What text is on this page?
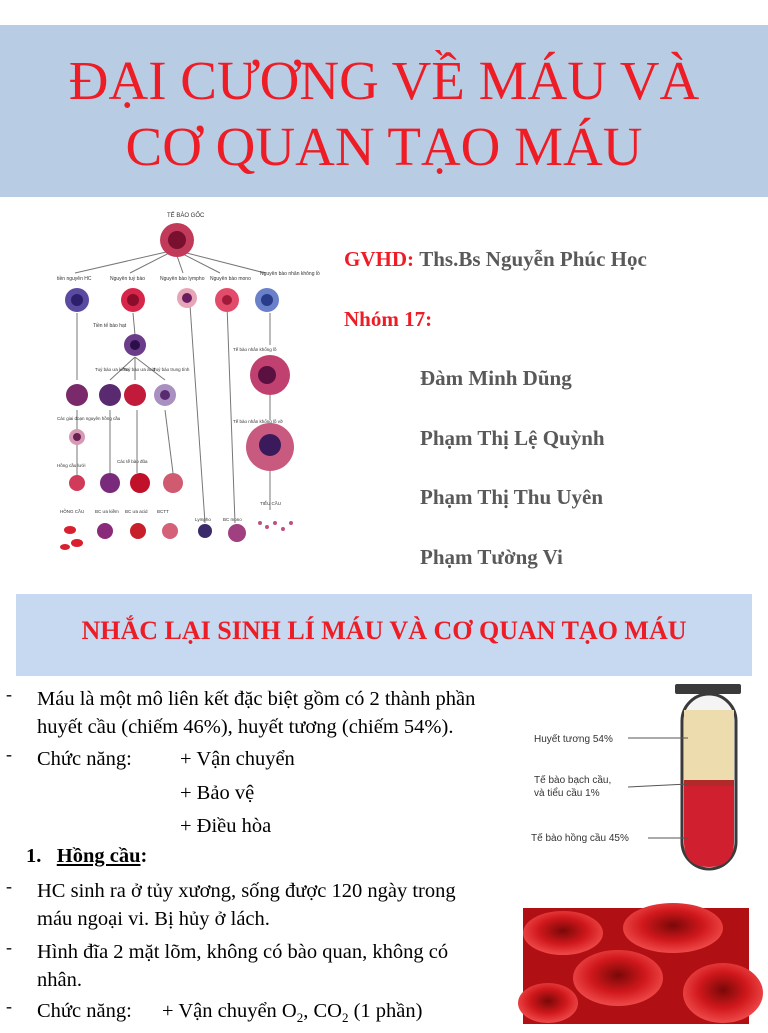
ĐẠI CƯƠNG VỀ MÁU VÀ
CƠ QUAN TẠO MÁU
TẾ BÀO GỐC
tiền nguyên HC	Nguyên tuỷ bào	Nguyên bào lympho Nguyên bào mono
Nguyên bào nhân không lồ
Tiền tế bào hạt
Tuỷ bào ưa kiềm
Tuỷ bào ưa acid
Tuỷ bào trung tính
Các giai đoạn nguyên hồng cầu
Hồng cầu lưới
Các tế bào đũa
Tế bào nhân khổng lồ
Tế bào nhân khổng lồ vỡ
HỒNG CẦU BC ưa kiềm BC ưa acid BCTT
Lympho	BC mono
TIỂU CẦU
GVHD: Ths.Bs Nguyễn Phúc Học
Nhóm 17:
Đàm Minh Dũng
Phạm Thị Lệ Quỳnh
Phạm Thị Thu Uyên
Phạm Tường Vi
NHẮC LẠI SINH LÍ MÁU VÀ CƠ QUAN TẠO MÁU
- Máu là một mô liên kết đặc biệt gồm có 2 thành phần
huyết cầu (chiếm 46%), huyết tương (chiếm 54%).
- Chức năng: + Vận chuyển
+ Bảo vệ
+ Điều hòa
1. Hồng cầu:
- HC sinh ra ở tủy xương, sống được 120 ngày trong
máu ngoại vi. Bị hủy ở lách.
- Hình đĩa 2 mặt lõm, không có bào quan, không có
nhân.
- Chức năng: + Vận chuyển $O_2$, $CO_2$ (1 phần)
Huyết tương 54%
Tế bào bạch cầu,
và tiểu cầu 1%
Tế bào hồng cầu 45%
